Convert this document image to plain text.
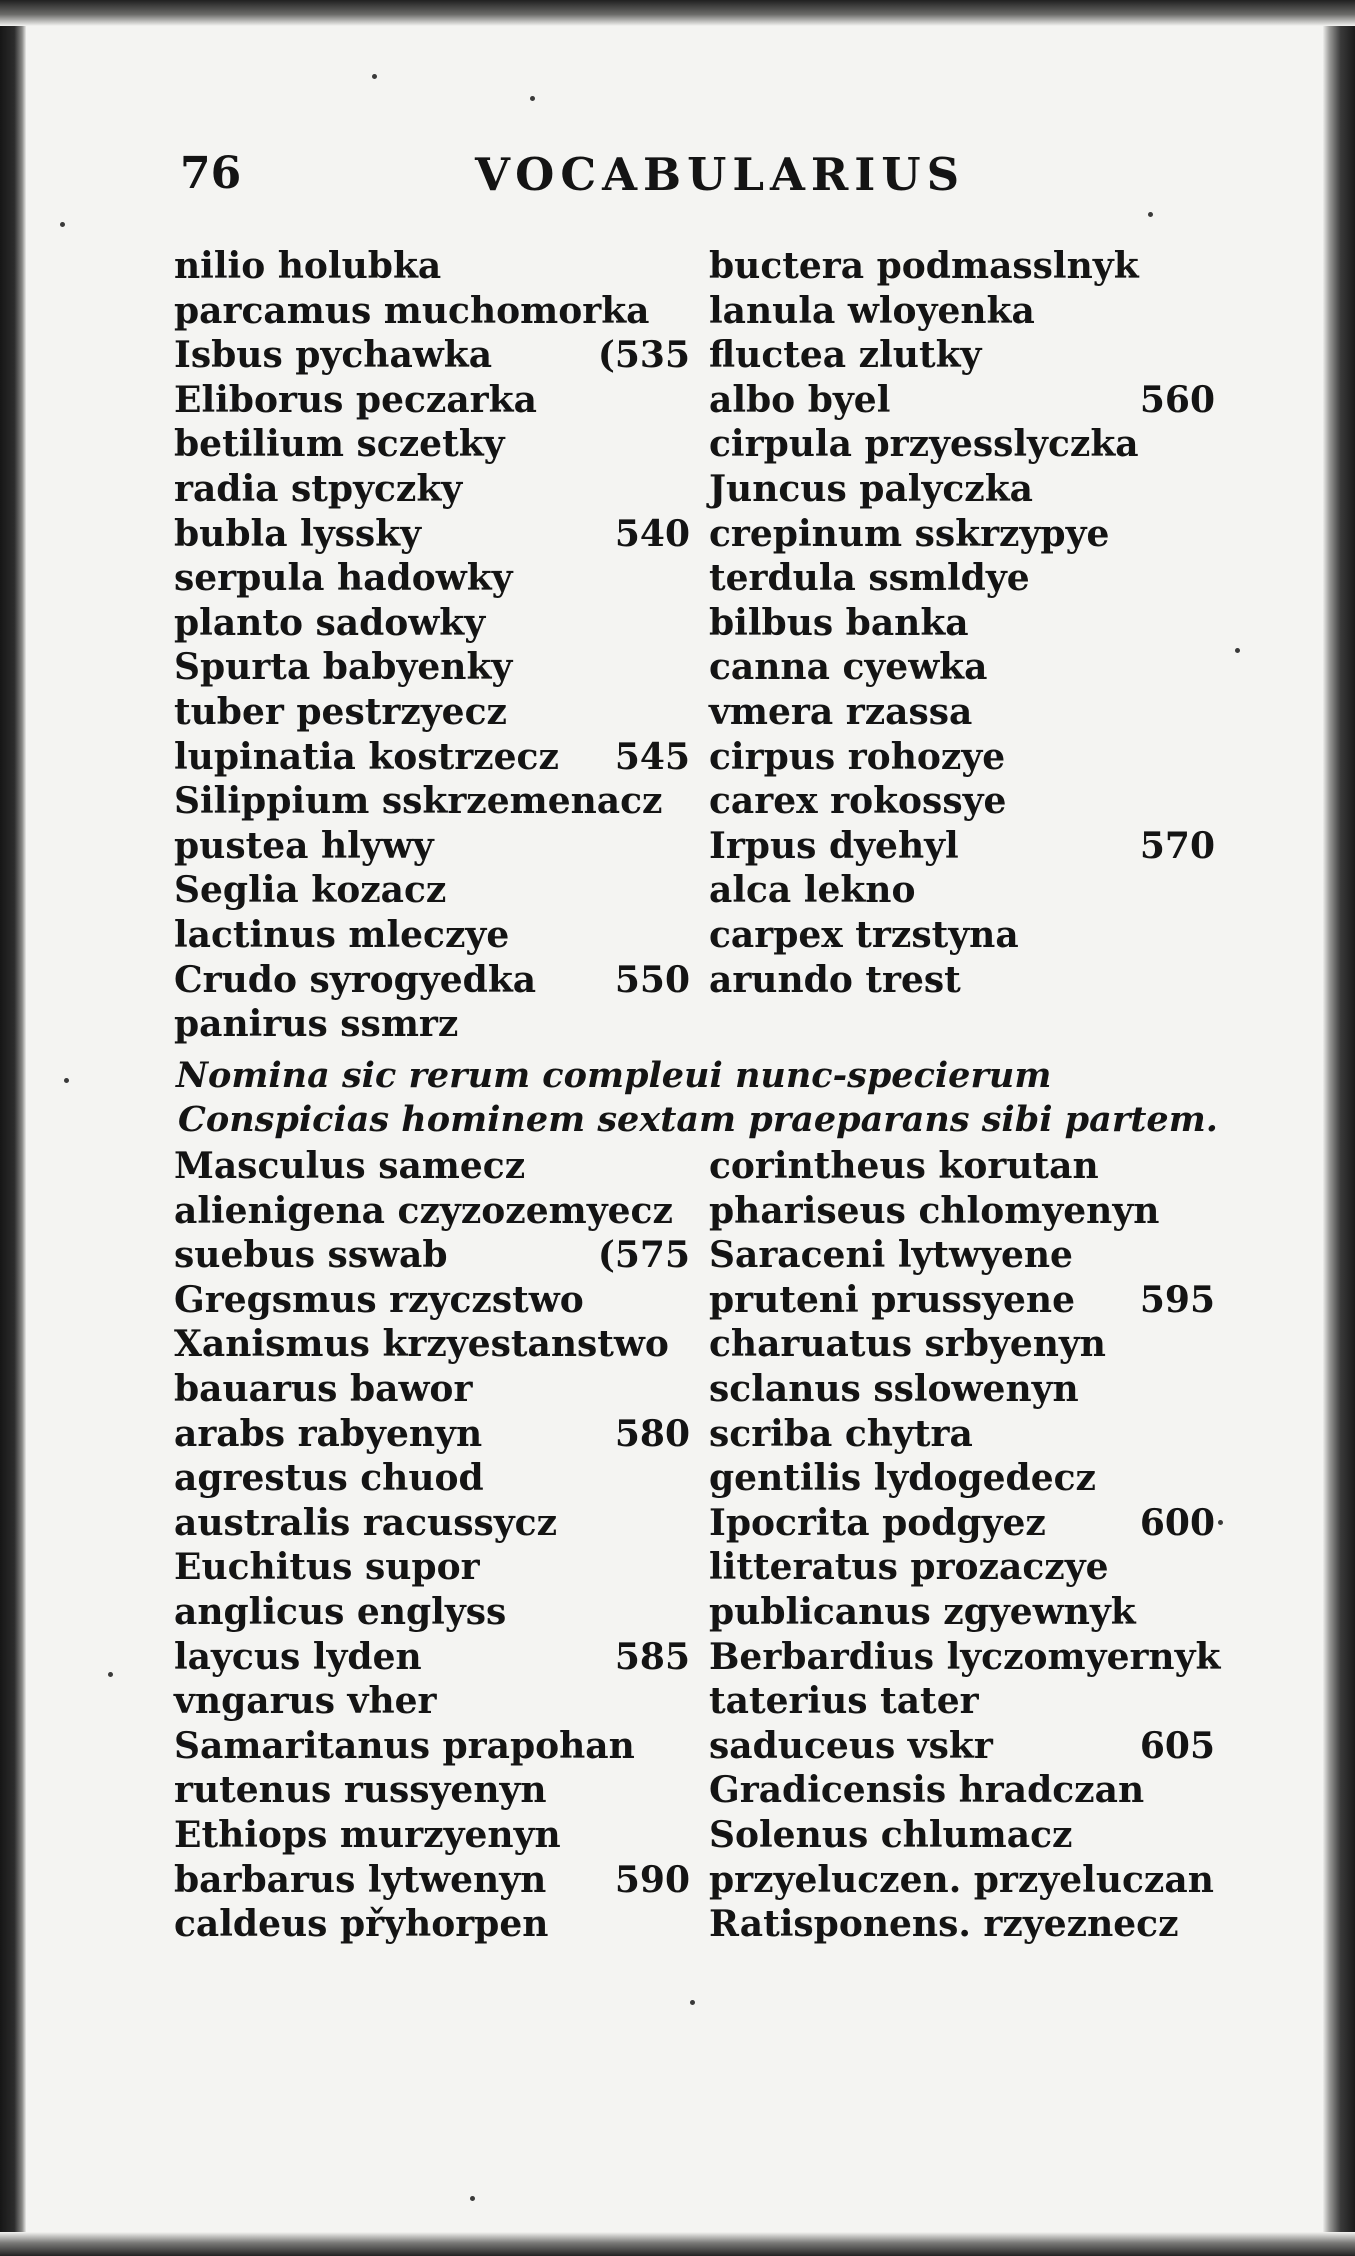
76	VOCABULARIUS
nilio holubka
parcamus muchomorka
Isbus pychawka	(535
Eliborus peczarka
betilium sczetky
radia stpyczky
bubla lyssky	540
serpula hadowky
planto sadowky
Spurta babyenky
tuber pestrzyecz
lupinatia kostrzecz 545
Silippium sskrzemenacz
pustea hlywy
Seglia kozacz
lactinus mleczye
Crudo syrogyedka 550
panirus ssmrz
buctera podmasslnyk
lanula wloyenka
fluctea zlutky
albo byel	560
cirpula przyesslyczka
Juncus palyczka
crepinum sskrzypye
terdula ssmldye
bilbus banka
canna cyewka
vmera rzassa
cirpus rohozye
carex rokossye
Irpus dyehyl	570
alca lekno
carpex trzstyna
arundo trest
Nomina sic rerum compleui nunc-specierum
Conspicias hominem sextam praeparans sibi partem.
Masculus samecz
alienigena czyzozemyecz
suebus sswab	(575
Gregsmus rzyczstwo
Xanismus krzyestanstwo
bauarus bawor
arabs rabyenyn	580
agrestus chuod
australis racussycz
Euchitus supor
anglicus englyss
laycus lyden	585
vngarus vher
Samaritanus prapohan
rutenus russyenyn
Ethiops murzyenyn
barbarus lytwenyn 590
caldeus přyhorpen
corintheus korutan
phariseus chlomyenyn
Saraceni lytwyene
pruteni prussyene 595
charuatus srbyenyn
sclanus sslowenyn
scriba chytra
gentilis lydogedecz
Ipocrita podgyez	600
litteratus prozaczye
publicanus zgyewnyk
Berbardius lyczomyernyk
taterius tater
saduceus vskr	605
Gradicensis hradczan
Solenus chlumacz
przyeluczen. przyeluczan
Ratisponens. rzyeznecz
